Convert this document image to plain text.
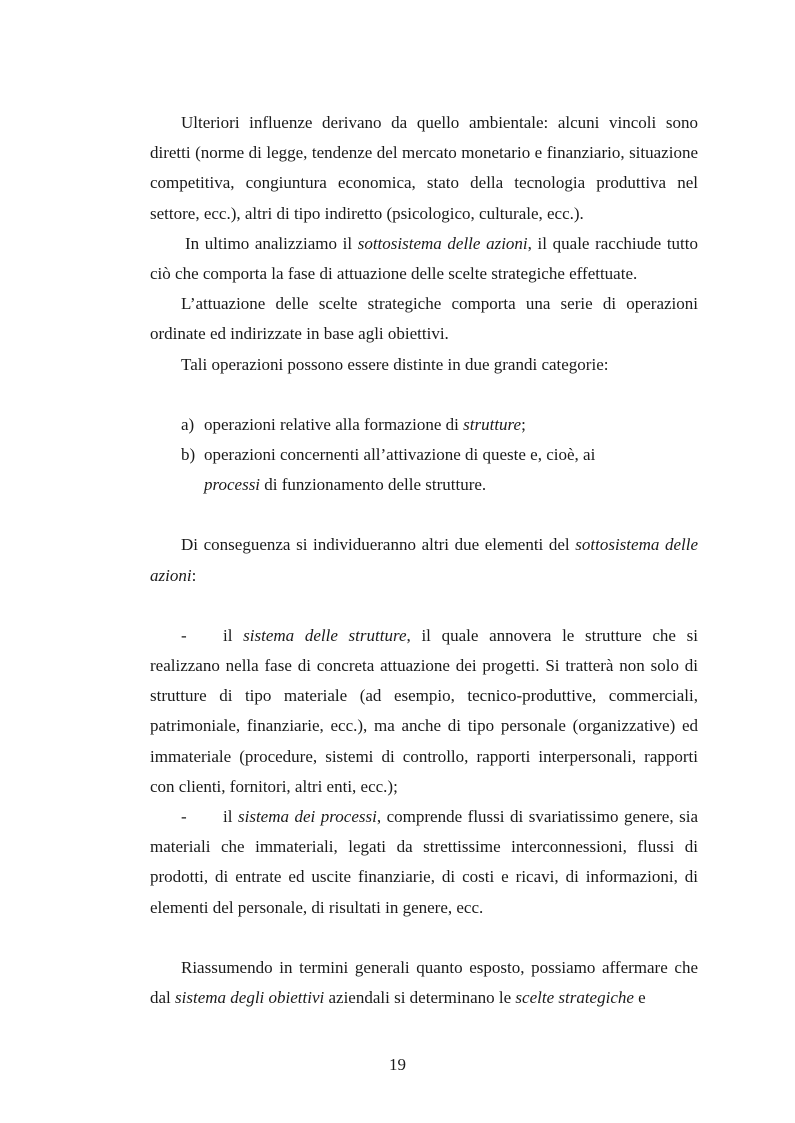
Ulteriori influenze derivano da quello ambientale: alcuni vincoli sono diretti (norme di legge, tendenze del mercato monetario e finanziario, situazione competitiva, congiuntura economica, stato della tecnologia produttiva nel settore, ecc.), altri di tipo indiretto (psicologico, culturale, ecc.).

In ultimo analizziamo il sottosistema delle azioni, il quale racchiude tutto ciò che comporta la fase di attuazione delle scelte strategiche effettuate.

L’attuazione delle scelte strategiche comporta una serie di operazioni ordinate ed indirizzate in base agli obiettivi.

Tali operazioni possono essere distinte in due grandi categorie:

a) operazioni relative alla formazione di strutture;

b) operazioni concernenti all’attivazione di queste e, cioè, ai
processi di funzionamento delle strutture.

Di conseguenza si individueranno altri due elementi del sottosistema delle azioni:

- il sistema delle strutture, il quale annovera le strutture che si realizzano nella fase di concreta attuazione dei progetti. Si tratterà non solo di strutture di tipo materiale (ad esempio, tecnico-produttive, commerciali, patrimoniale, finanziarie, ecc.), ma anche di tipo personale (organizzative) ed immateriale (procedure, sistemi di controllo, rapporti interpersonali, rapporti con clienti, fornitori, altri enti, ecc.);

- il sistema dei processi, comprende flussi di svariatissimo genere, sia materiali che immateriali, legati da strettissime interconnessioni, flussi di prodotti, di entrate ed uscite finanziarie, di costi e ricavi, di informazioni, di elementi del personale, di risultati in genere, ecc.

Riassumendo in termini generali quanto esposto, possiamo affermare che dal sistema degli obiettivi aziendali si determinano le scelte strategiche e

19
